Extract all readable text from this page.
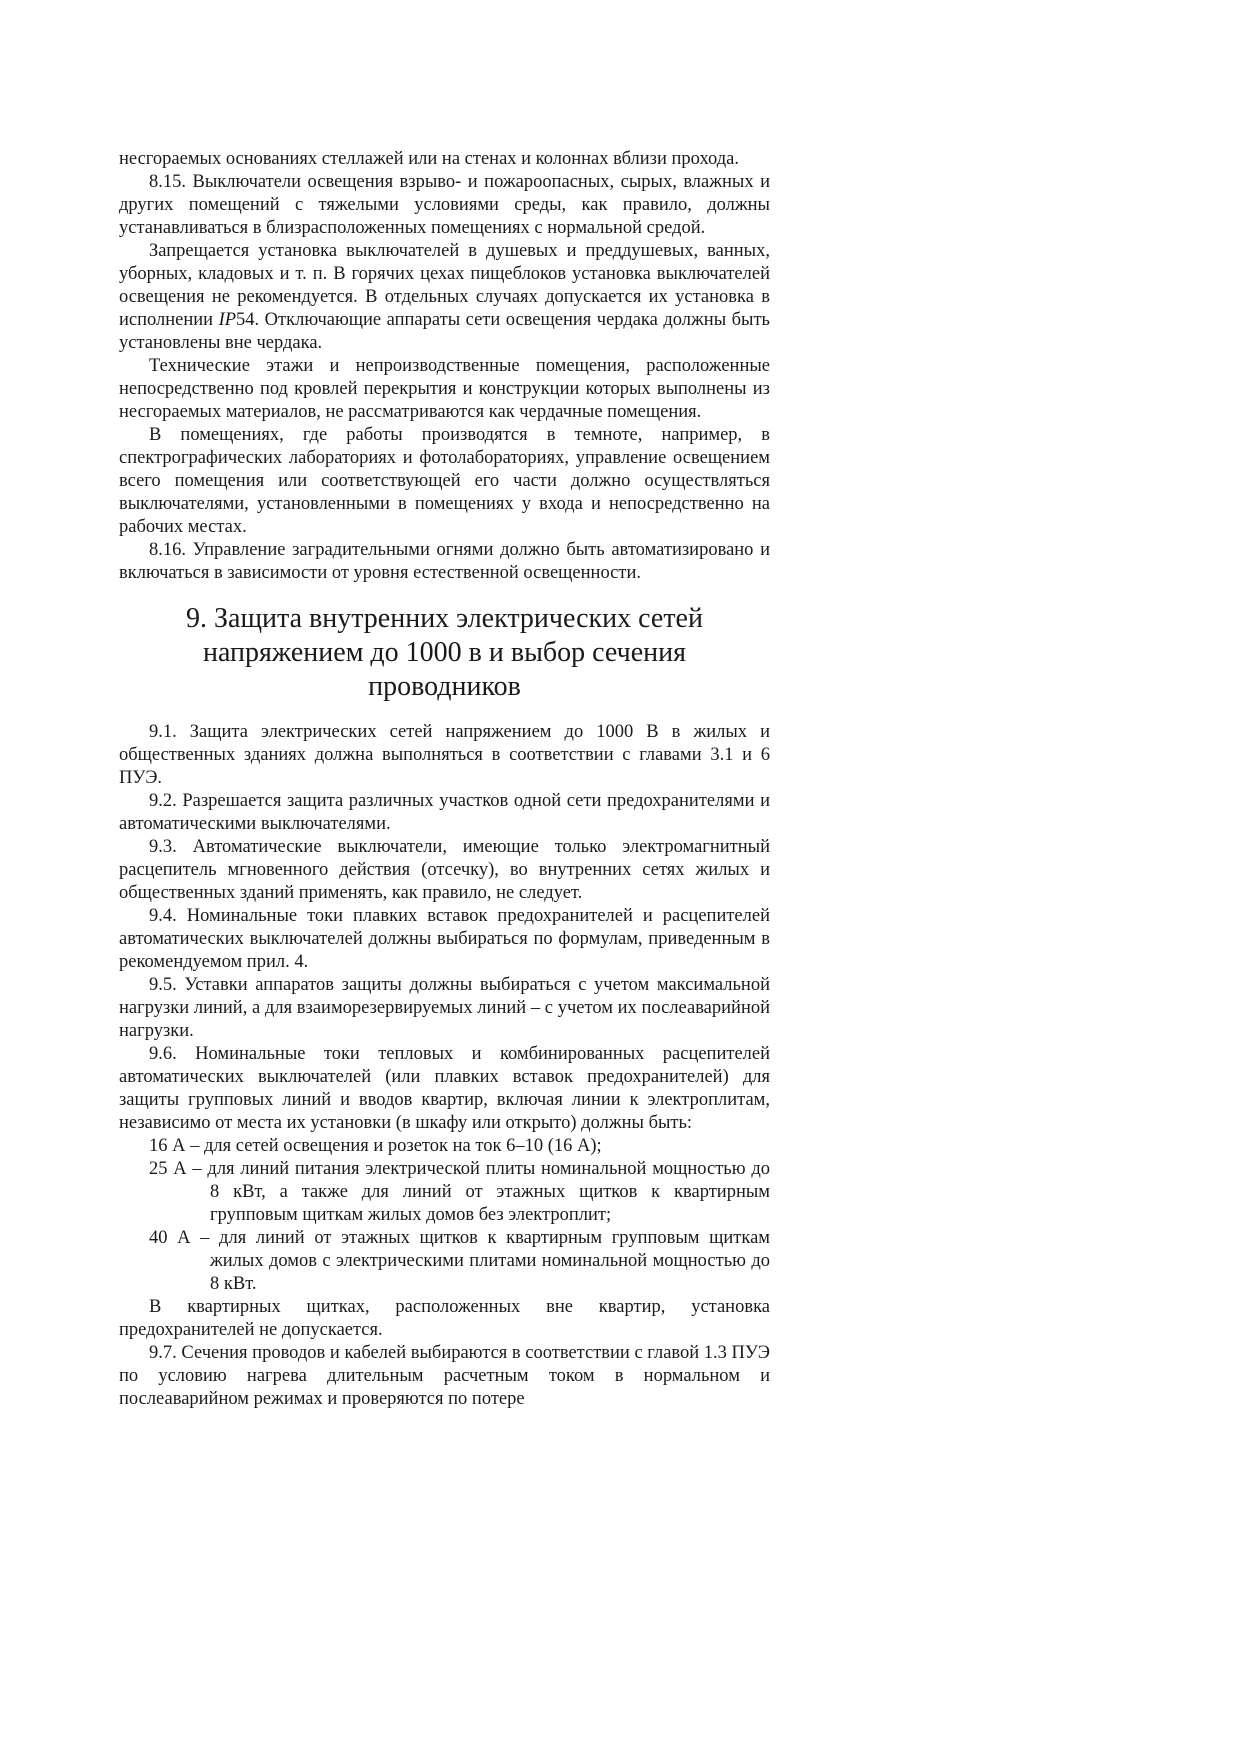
несгораемых основаниях стеллажей или на стенах и колоннах вблизи прохода.

8.15. Выключатели освещения взрыво- и пожароопасных, сырых, влажных и других помещений с тяжелыми условиями среды, как правило, должны устанавливаться в близрасположенных помещениях с нормальной средой.

Запрещается установка выключателей в душевых и преддушевых, ванных, уборных, кладовых и т. п. В горячих цехах пищеблоков установка выключателей освещения не рекомендуется. В отдельных случаях допускается их установка в исполнении IP54. Отключающие аппараты сети освещения чердака должны быть установлены вне чердака.

Технические этажи и непроизводственные помещения, расположенные непосредственно под кровлей перекрытия и конструкции которых выполнены из несгораемых материалов, не рассматриваются как чердачные помещения.

В помещениях, где работы производятся в темноте, например, в спектрографических лабораториях и фотолабораториях, управление освещением всего помещения или соответствующей его части должно осуществляться выключателями, установленными в помещениях у входа и непосредственно на рабочих местах.

8.16. Управление заградительными огнями должно быть автоматизировано и включаться в зависимости от уровня естественной освещенности.

9. Защита внутренних электрических сетей
напряжением до 1000 в и выбор сечения
проводников

9.1. Защита электрических сетей напряжением до 1000 В в жилых и общественных зданиях должна выполняться в соответствии с главами 3.1 и 6 ПУЭ.

9.2. Разрешается защита различных участков одной сети предохранителями и автоматическими выключателями.

9.3. Автоматические выключатели, имеющие только электромагнитный расцепитель мгновенного действия (отсечку), во внутренних сетях жилых и общественных зданий применять, как правило, не следует.

9.4. Номинальные токи плавких вставок предохранителей и расцепителей автоматических выключателей должны выбираться по формулам, приведенным в рекомендуемом прил. 4.

9.5. Уставки аппаратов защиты должны выбираться с учетом максимальной нагрузки линий, а для взаиморезервируемых линий – с учетом их послеаварийной нагрузки.

9.6. Номинальные токи тепловых и комбинированных расцепителей автоматических выключателей (или плавких вставок предохранителей) для защиты групповых линий и вводов квартир, включая линии к электроплитам, независимо от места их установки (в шкафу или открыто) должны быть:

16 А – для сетей освещения и розеток на ток 6–10 (16 А);

25 А – для линий питания электрической плиты номинальной мощностью до 8 кВт, а также для линий от этажных щитков к квартирным групповым щиткам жилых домов без электроплит;

40 А – для линий от этажных щитков к квартирным групповым щиткам жилых домов с электрическими плитами номинальной мощностью до 8 кВт.

В квартирных щитках, расположенных вне квартир, установка предохранителей не допускается.

9.7. Сечения проводов и кабелей выбираются в соответствии с главой 1.3 ПУЭ по условию нагрева длительным расчетным током в нормальном и послеаварийном режимах и проверяются по потере
